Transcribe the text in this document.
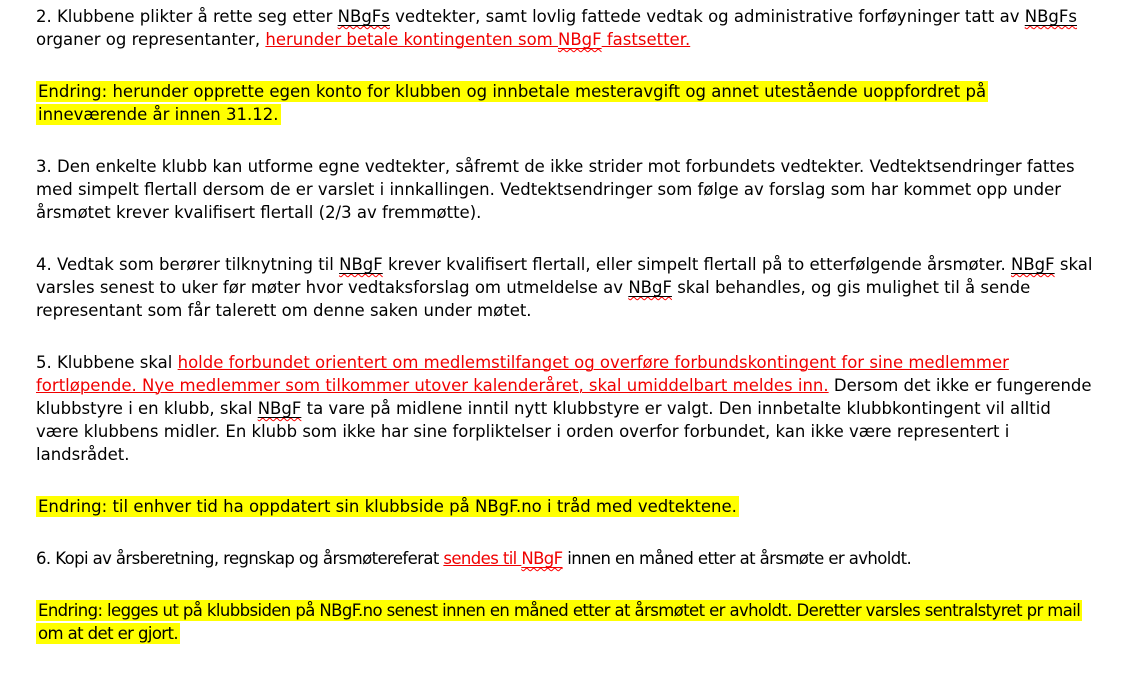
2. Klubbene plikter å rette seg etter NBgFs vedtekter, samt lovlig fattede vedtak og administrative forføyninger tatt av NBgFs organer og representanter, herunder betale kontingenten som NBgF fastsetter.

Endring: herunder opprette egen konto for klubben og innbetale mesteravgift og annet utestående uoppfordret på inneværende år innen 31.12.

3. Den enkelte klubb kan utforme egne vedtekter, såfremt de ikke strider mot forbundets vedtekter. Vedtektsendringer fattes med simpelt flertall dersom de er varslet i innkallingen. Vedtektsendringer som følge av forslag som har kommet opp under årsmøtet krever kvalifisert flertall (2/3 av fremmøtte).

4. Vedtak som berører tilknytning til NBgF krever kvalifisert flertall, eller simpelt flertall på to etterfølgende årsmøter. NBgF skal varsles senest to uker før møter hvor vedtaksforslag om utmeldelse av NBgF skal behandles, og gis mulighet til å sende representant som får talerett om denne saken under møtet.

5. Klubbene skal holde forbundet orientert om medlemstilfanget og overføre forbundskontingent for sine medlemmer fortløpende. Nye medlemmer som tilkommer utover kalenderåret, skal umiddelbart meldes inn. Dersom det ikke er fungerende klubbstyre i en klubb, skal NBgF ta vare på midlene inntil nytt klubbstyre er valgt. Den innbetalte klubbkontingent vil alltid være klubbens midler. En klubb som ikke har sine forpliktelser i orden overfor forbundet, kan ikke være representert i landsrådet.

Endring: til enhver tid ha oppdatert sin klubbside på NBgF.no i tråd med vedtektene.

6. Kopi av årsberetning, regnskap og årsmøtereferat sendes til NBgF innen en måned etter at årsmøte er avholdt.

Endring: legges ut på klubbsiden på NBgF.no senest innen en måned etter at årsmøtet er avholdt. Deretter varsles sentralstyret pr mail om at det er gjort.
